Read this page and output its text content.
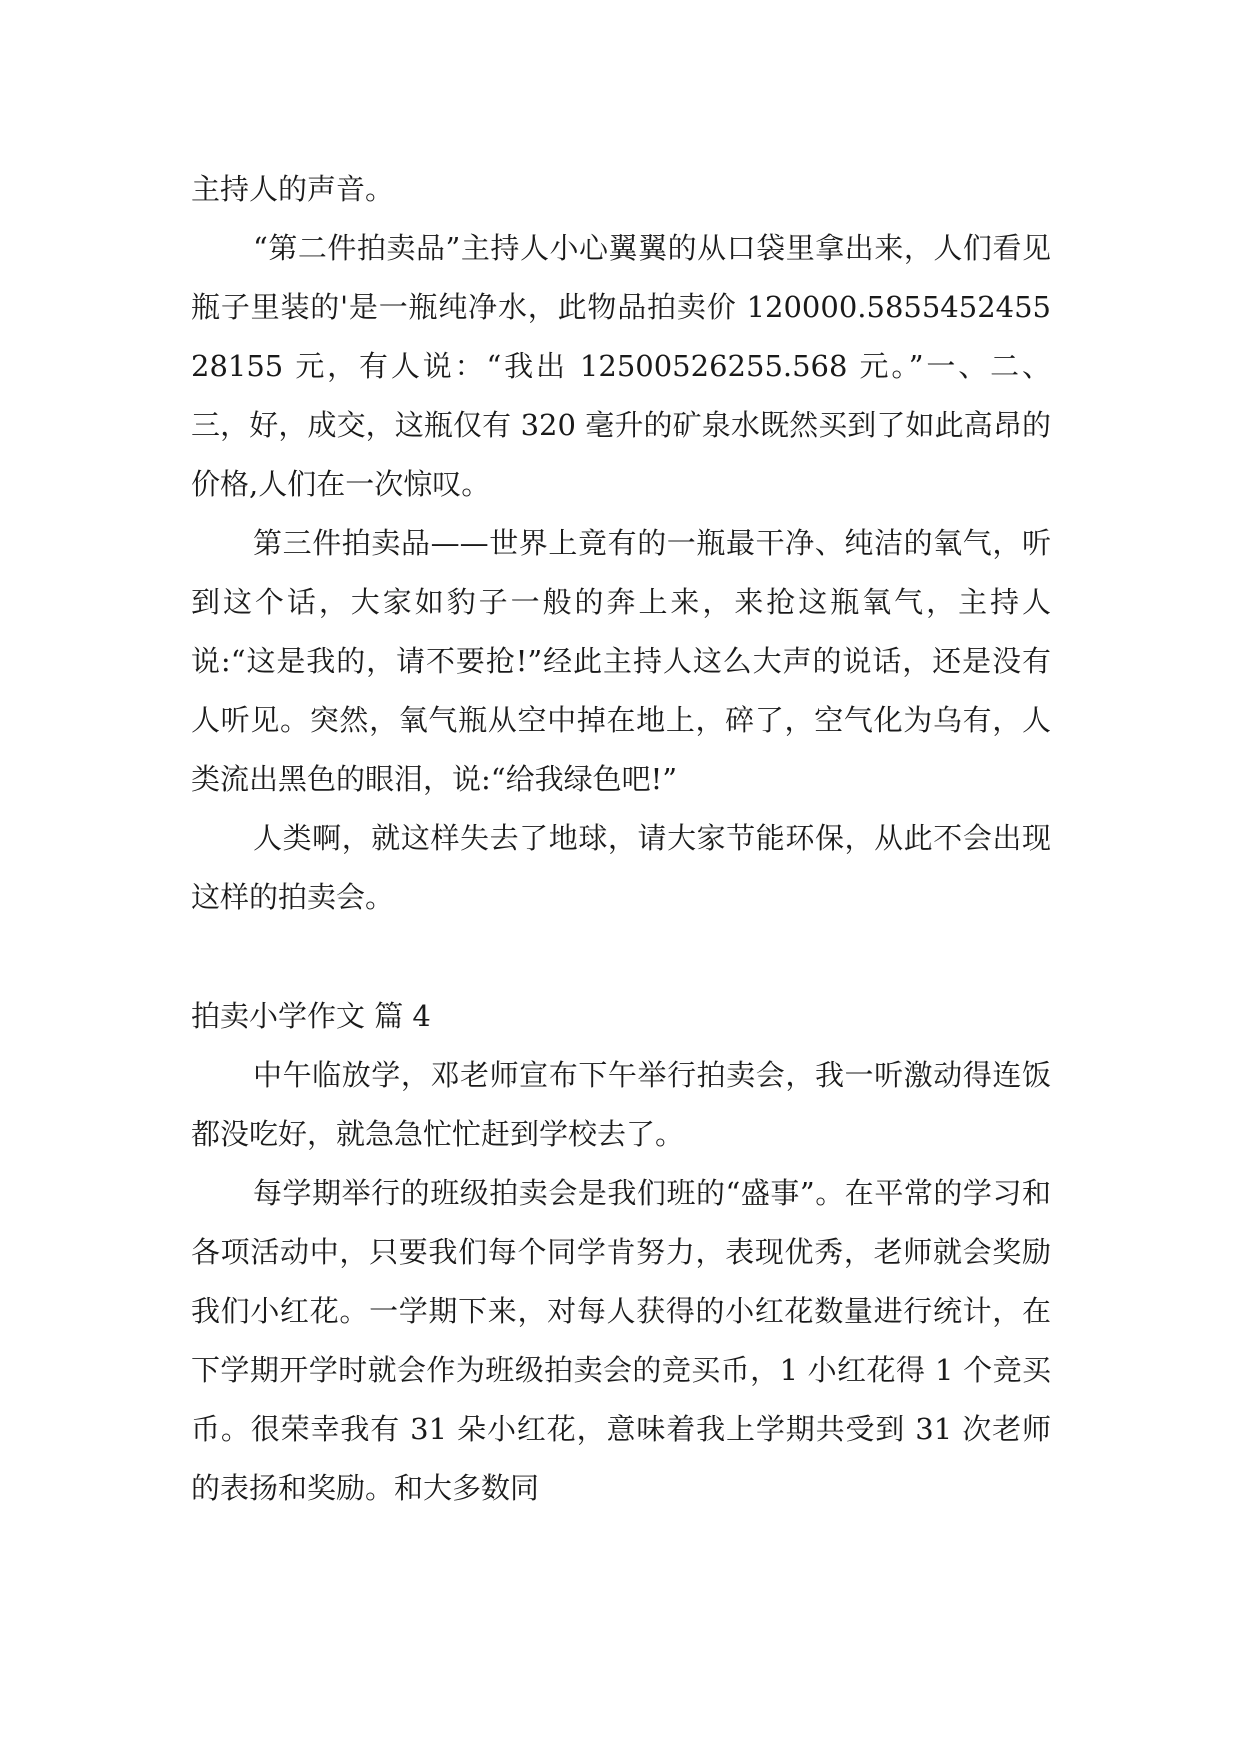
主持人的声音。

“第二件拍卖品”主持人小心翼翼的从口袋里拿出来，人们看见瓶子里装的'是一瓶纯净水，此物品拍卖价 120000.585545245528155 元，有人说：“我出 12500526255.568 元。”一、二、三，好，成交，这瓶仅有 320 毫升的矿泉水既然买到了如此高昂的价格,人们在一次惊叹。

第三件拍卖品——世界上竟有的一瓶最干净、纯洁的氧气，听到这个话，大家如豹子一般的奔上来，来抢这瓶氧气，主持人说:“这是我的，请不要抢!”经此主持人这么大声的说话，还是没有人听见。突然，氧气瓶从空中掉在地上，碎了，空气化为乌有，人类流出黑色的眼泪，说:“给我绿色吧!”

人类啊，就这样失去了地球，请大家节能环保，从此不会出现这样的拍卖会。

拍卖小学作文 篇 4

中午临放学，邓老师宣布下午举行拍卖会，我一听激动得连饭都没吃好，就急急忙忙赶到学校去了。

每学期举行的班级拍卖会是我们班的“盛事”。在平常的学习和各项活动中，只要我们每个同学肯努力，表现优秀，老师就会奖励我们小红花。一学期下来，对每人获得的小红花数量进行统计，在下学期开学时就会作为班级拍卖会的竞买币，1 小红花得 1 个竞买币。很荣幸我有 31 朵小红花，意味着我上学期共受到 31 次老师的表扬和奖励。和大多数同
